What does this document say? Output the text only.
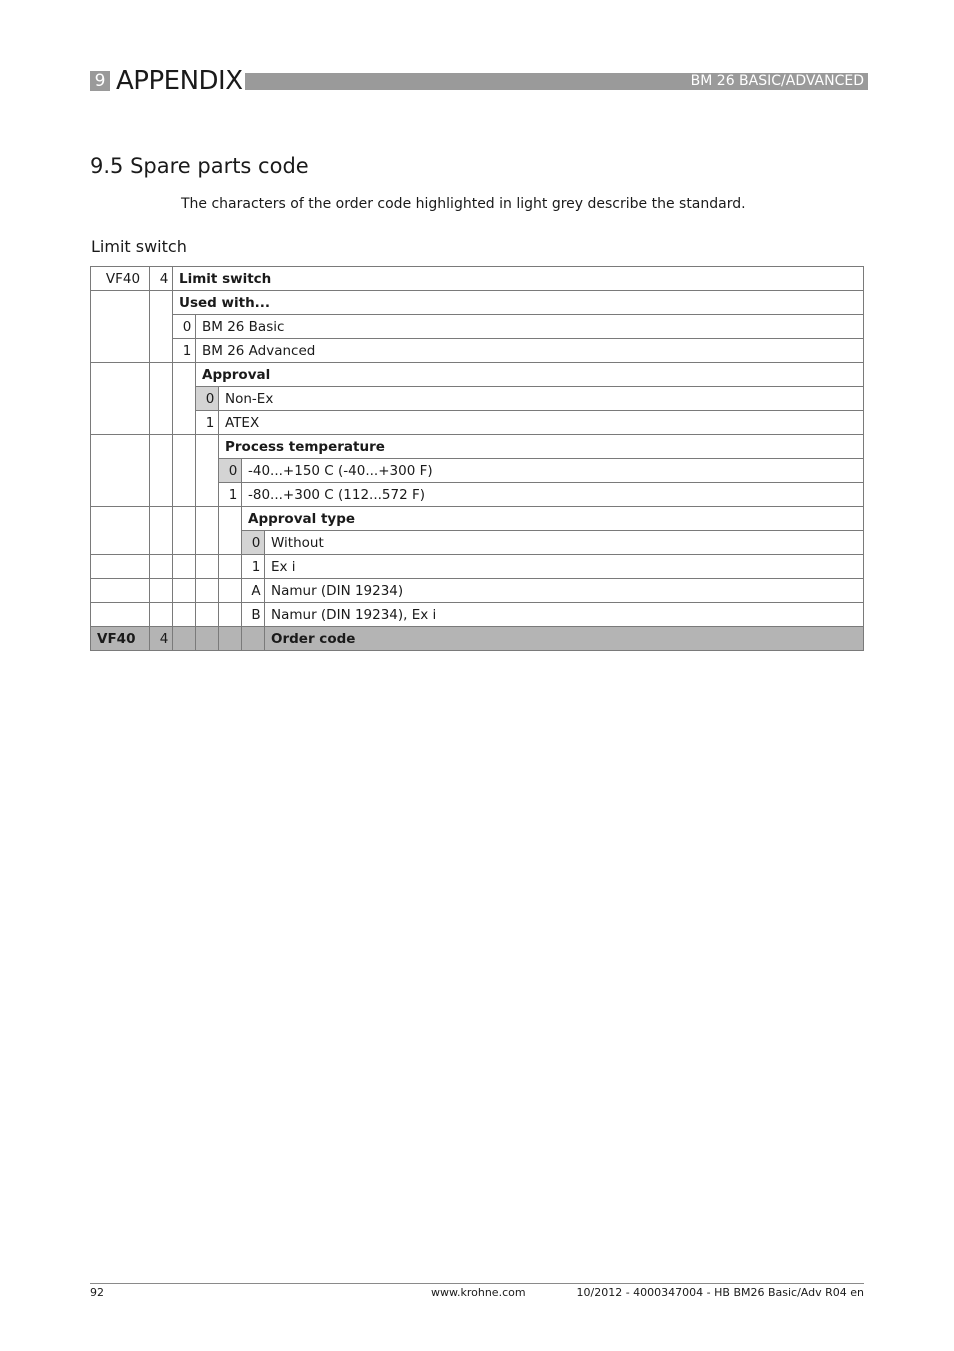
9 APPENDIX	BM 26 BASIC/ADVANCED
9.5 Spare parts code
The characters of the order code highlighted in light grey describe the standard.
Limit switch
VF40	4	Limit switch				
		Used with...				
		0	BM 26 Basic			
		1	BM 26 Advanced			
			Approval			
			0	Non-Ex		
			1	ATEX		
				Process temperature		
				0	-40...+150 C (-40...+300 F)	
				1	-80...+300 C (112...572 F)	
					Approval type	
					0	Without
					1	Ex i
					A	Namur (DIN 19234)
					B	Namur (DIN 19234), Ex i
VF40	4					Order code
92	www.krohne.com	10/2012 - 4000347004 - HB BM26 Basic/Adv R04 en
